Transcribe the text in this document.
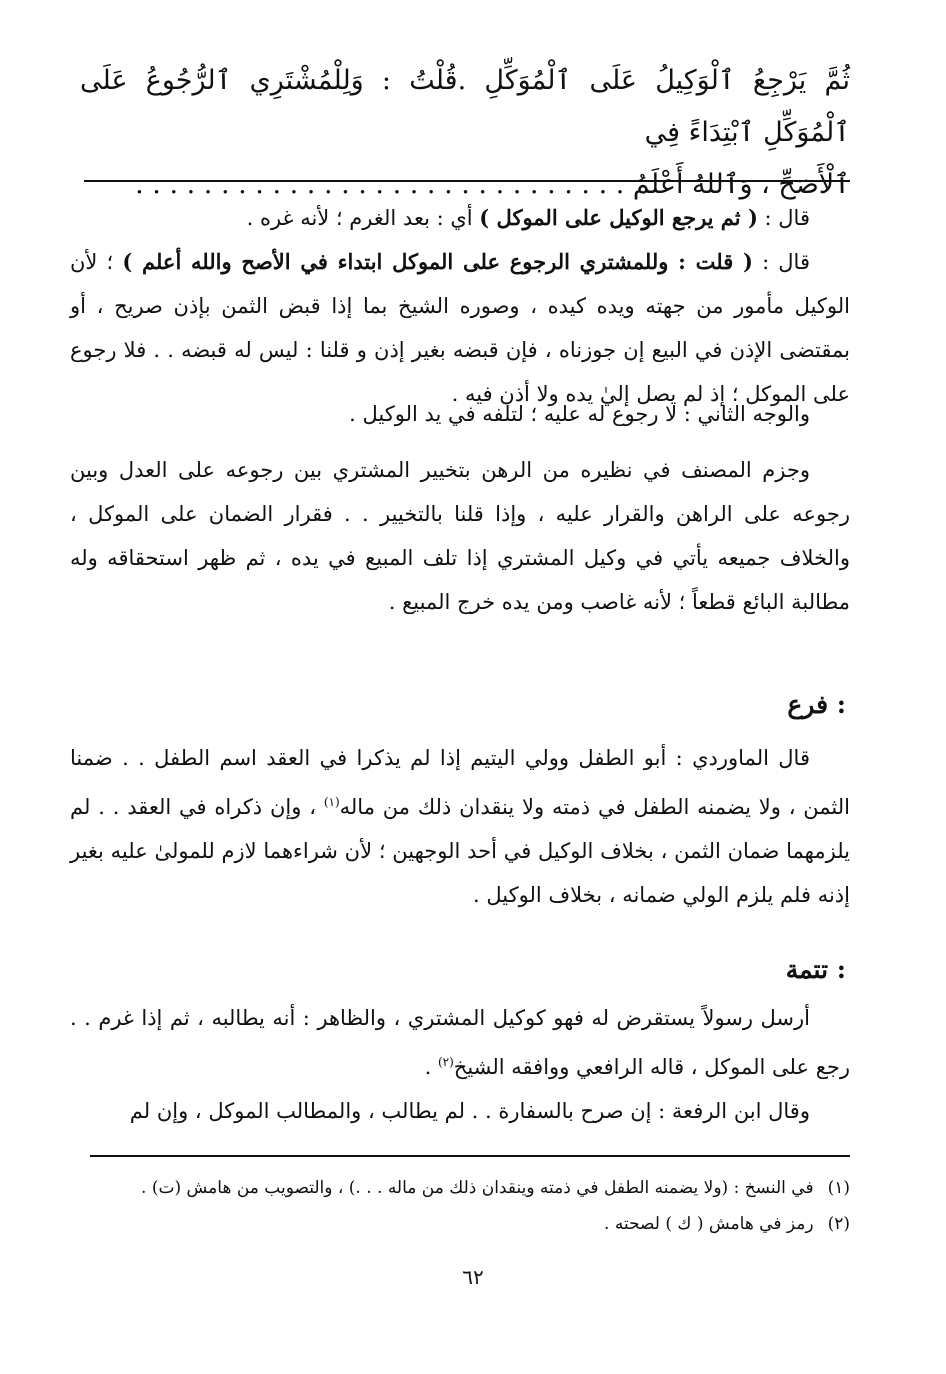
ثُمَّ يَرْجِعُ ٱلْوَكِيلُ عَلَى ٱلْمُوَكِّلِ .قُلْتُ : وَلِلْمُشْتَرِي ٱلرُّجُوعُ عَلَى ٱلْمُوَكِّلِ ٱبْتِدَاءً فِي

ٱلْأَصَحِّ ، وَٱللهُ أَعْلَمُ . . . . . . . . . . . . . . . . . . . . . . . . . . . . .

قال : ( ثم يرجع الوكيل على الموكل ) أي : بعد الغرم ؛ لأنه غره .

قال : ( قلت : وللمشتري الرجوع على الموكل ابتداء في الأصح والله أعلم ) ؛ لأن الوكيل مأمور من جهته ويده كيده ، وصوره الشيخ بما إذا قبض الثمن بإذن صريح ، أو بمقتضى الإذن في البيع إن جوزناه ، فإن قبضه بغير إذن و قلنا : ليس له قبضه . . فلا رجوع على الموكل ؛ إذ لم يصل إليٰ يده ولا أذن فيه .

والوجه الثاني : لا رجوع له عليه ؛ لتلفه في يد الوكيل .

وجزم المصنف في نظيره من الرهن بتخيير المشتري بين رجوعه على العدل وبين رجوعه على الراهن والقرار عليه ، وإذا قلنا بالتخيير . . فقرار الضمان على الموكل ، والخلاف جميعه يأتي في وكيل المشتري إذا تلف المبيع في يده ، ثم ظهر استحقاقه وله مطالبة البائع قطعاً ؛ لأنه غاصب ومن يده خرج المبيع .

فرع :

قال الماوردي : أبو الطفل وولي اليتيم إذا لم يذكرا في العقد اسم الطفل . . ضمنا الثمن ، ولا يضمنه الطفل في ذمته ولا ينقدان ذلك من ماله$^{(١)}$ ، وإن ذكراه في العقد . . لم يلزمهما ضمان الثمن ، بخلاف الوكيل في أحد الوجهين ؛ لأن شراءهما لازم للمولىٰ عليه بغير إذنه فلم يلزم الولي ضمانه ، بخلاف الوكيل .

تتمة :

أرسل رسولاً يستقرض له فهو كوكيل المشتري ، والظاهر : أنه يطالبه ، ثم إذا غرم . . رجع على الموكل ، قاله الرافعي ووافقه الشيخ$^{(٢)}$ .

وقال ابن الرفعة : إن صرح بالسفارة . . لم يطالب ، والمطالب الموكل ، وإن لم

(١)في النسخ : (ولا يضمنه الطفل في ذمته وينقدان ذلك من ماله . . .) ، والتصويب من هامش (ت) .

(٢)رمز في هامش ( ك ) لصحته .

٦٢
